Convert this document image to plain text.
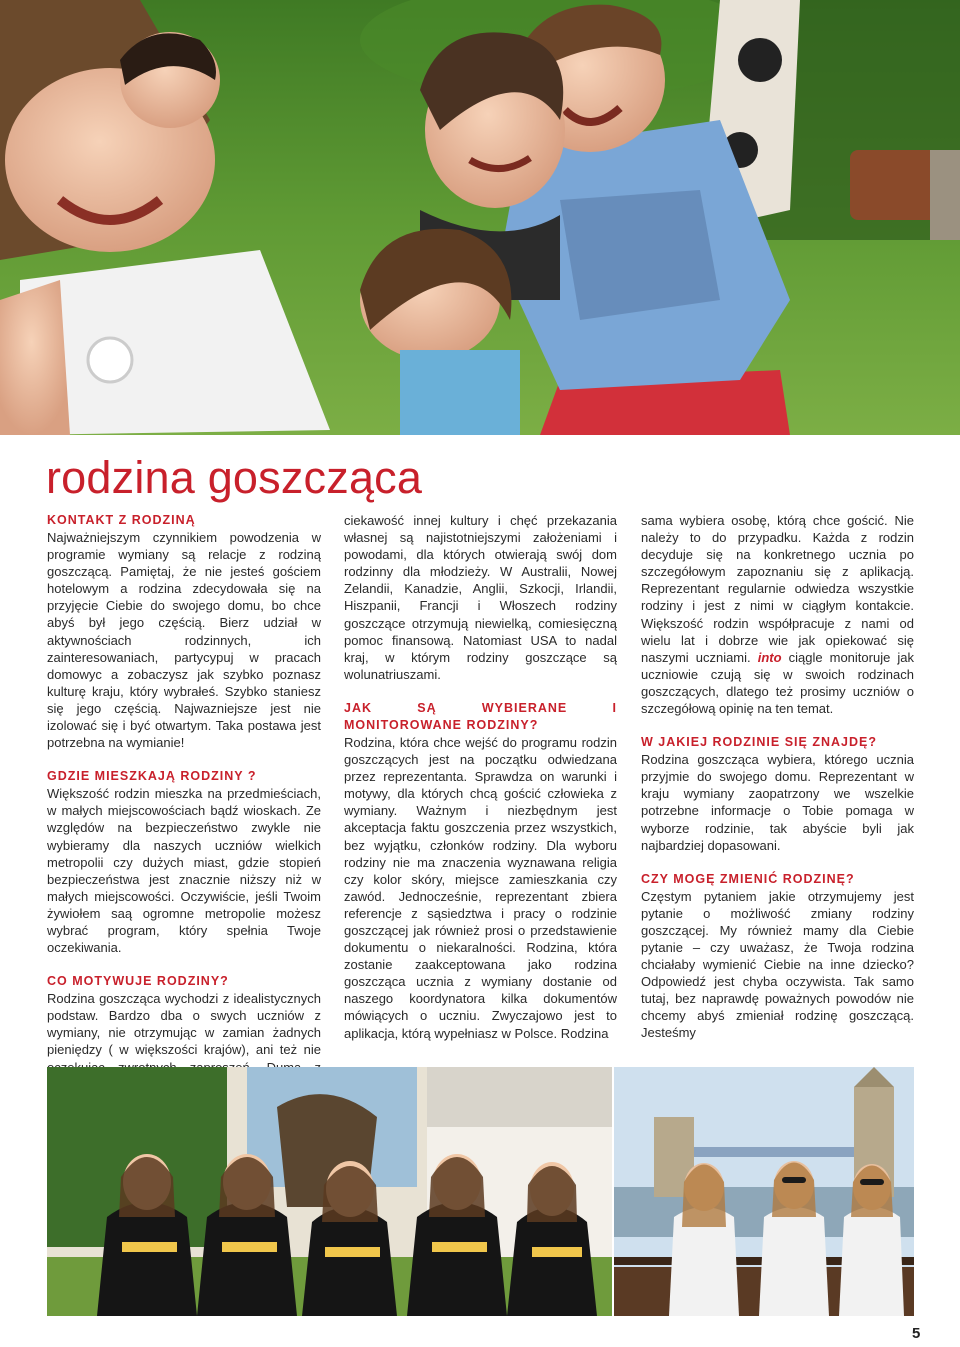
rodzina goszcząca
KONTAKT Z RODZINĄ

Najważniejszym czynnikiem powodzenia w programie wymiany są relacje z rodziną goszczącą. Pamiętaj, że nie jesteś gościem hotelowym a rodzina zdecydowała się na przyjęcie Ciebie do swojego domu, bo chce abyś był jego częścią. Bierz udział w aktywnościach rodzinnych, ich zainteresowaniach, partycypuj w pracach domowyc a zobaczysz jak szybko poznasz kulturę kraju, który wybrałeś. Szybko staniesz się jego częścią. Najwazniejsze jest nie izolować się i być otwartym. Taka postawa jest potrzebna na wymianie!

GDZIE MIESZKAJĄ RODZINY ?

Większość rodzin mieszka na przedmieściach, w małych miejscowościach bądź wioskach. Ze względów na bezpieczeństwo zwykle nie wybieramy dla naszych uczniów wielkich metropolii czy dużych miast, gdzie stopień bezpieczeństwa jest znacznie niższy niż w małych miejscowości. Oczywiście, jeśli Twoim żywiołem saą ogromne metropolie możesz wybrać program, który spełnia Twoje oczekiwania.

CO MOTYWUJE RODZINY?

Rodzina goszcząca wychodzi z idealistycznych podstaw. Bardzo dba o swych uczniów z wymiany, nie otrzymując w zamian żadnych pieniędzy ( w większości krajów), ani też nie

ciekawość innej kultury i chęć przekazania własnej są najistotniejszymi założeniami i powodami, dla których otwierają swój dom rodzinny dla młodzieży. W Australii, Nowej Zelandii, Kanadzie, Anglii, Szkocji, Irlandii, Hiszpanii, Francji i Włoszech rodziny goszczące otrzymują niewielką, comiesięczną pomoc finansową. Natomiast USA to nadal kraj, w którym rodziny goszczące są wolunatriuszami.

JAK SĄ WYBIERANE I MONITOROWANE RODZINY?

Rodzina, która chce wejść do programu rodzin goszczących jest na początku odwiedzana przez reprezentanta. Sprawdza on warunki i motywy, dla których chcą gościć człowieka z wymiany. Ważnym i niezbędnym jest akceptacja faktu goszczenia przez wszystkich, bez wyjątku, członków rodziny. Dla wyboru rodziny nie ma znaczenia wyznawana religia czy kolor skóry, miejsce zamieszkania czy zawód. Jednocześnie, reprezentant zbiera referencje z sąsiedztwa i pracy o rodzinie goszczącej jak również prosi o przedstawienie dokumentu o niekaralności. Rodzina, która zostanie zaakceptowana jako rodzina goszcząca ucznia z wymiany dostanie od naszego koordynatora kilka dokumentów mówiących o uczniu. Zwyczajowo jest to aplikacja, którą wypełniasz w Polsce. Rodzina

sama wybiera osobę, którą chce gościć. Nie należy to do przypadku. Każda z rodzin decyduje się na konkretnego ucznia po szczegółowym zapoznaniu się z aplikacją. Reprezentant regularnie odwiedza wszystkie rodziny i jest z nimi w ciągłym kontakcie. Większość rodzin współpracuje z nami od wielu lat i dobrze wie jak opiekować się naszymi uczniami. into ciągle monitoruje jak uczniowie czują się w swoich rodzinach goszczących, dlatego też prosimy uczniów o szczegółową opinię na ten temat.

W JAKIEJ RODZINIE SIĘ ZNAJDĘ?

Rodzina goszcząca wybiera, którego ucznia przyjmie do swojego domu. Reprezentant w kraju wymiany zaopatrzony we wszelkie potrzebne informacje o Tobie pomaga w wyborze rodzinie, tak abyście byli jak najbardziej dopasowani.

CZY MOGĘ ZMIENIĆ RODZINĘ?

Częstym pytaniem jakie otrzymujemy jest pytanie o możliwość zmiany rodziny goszczącej. My również mamy dla Ciebie pytanie – czy uważasz, że Twoja rodzina chciałaby wymienić Ciebie na inne dziecko? Odpowiedź jest chyba oczywista. Tak samo tutaj, bez naprawdę poważnych powodów nie chcemy abyś zmieniał rodzinę goszczącą. Jesteśmy

5
